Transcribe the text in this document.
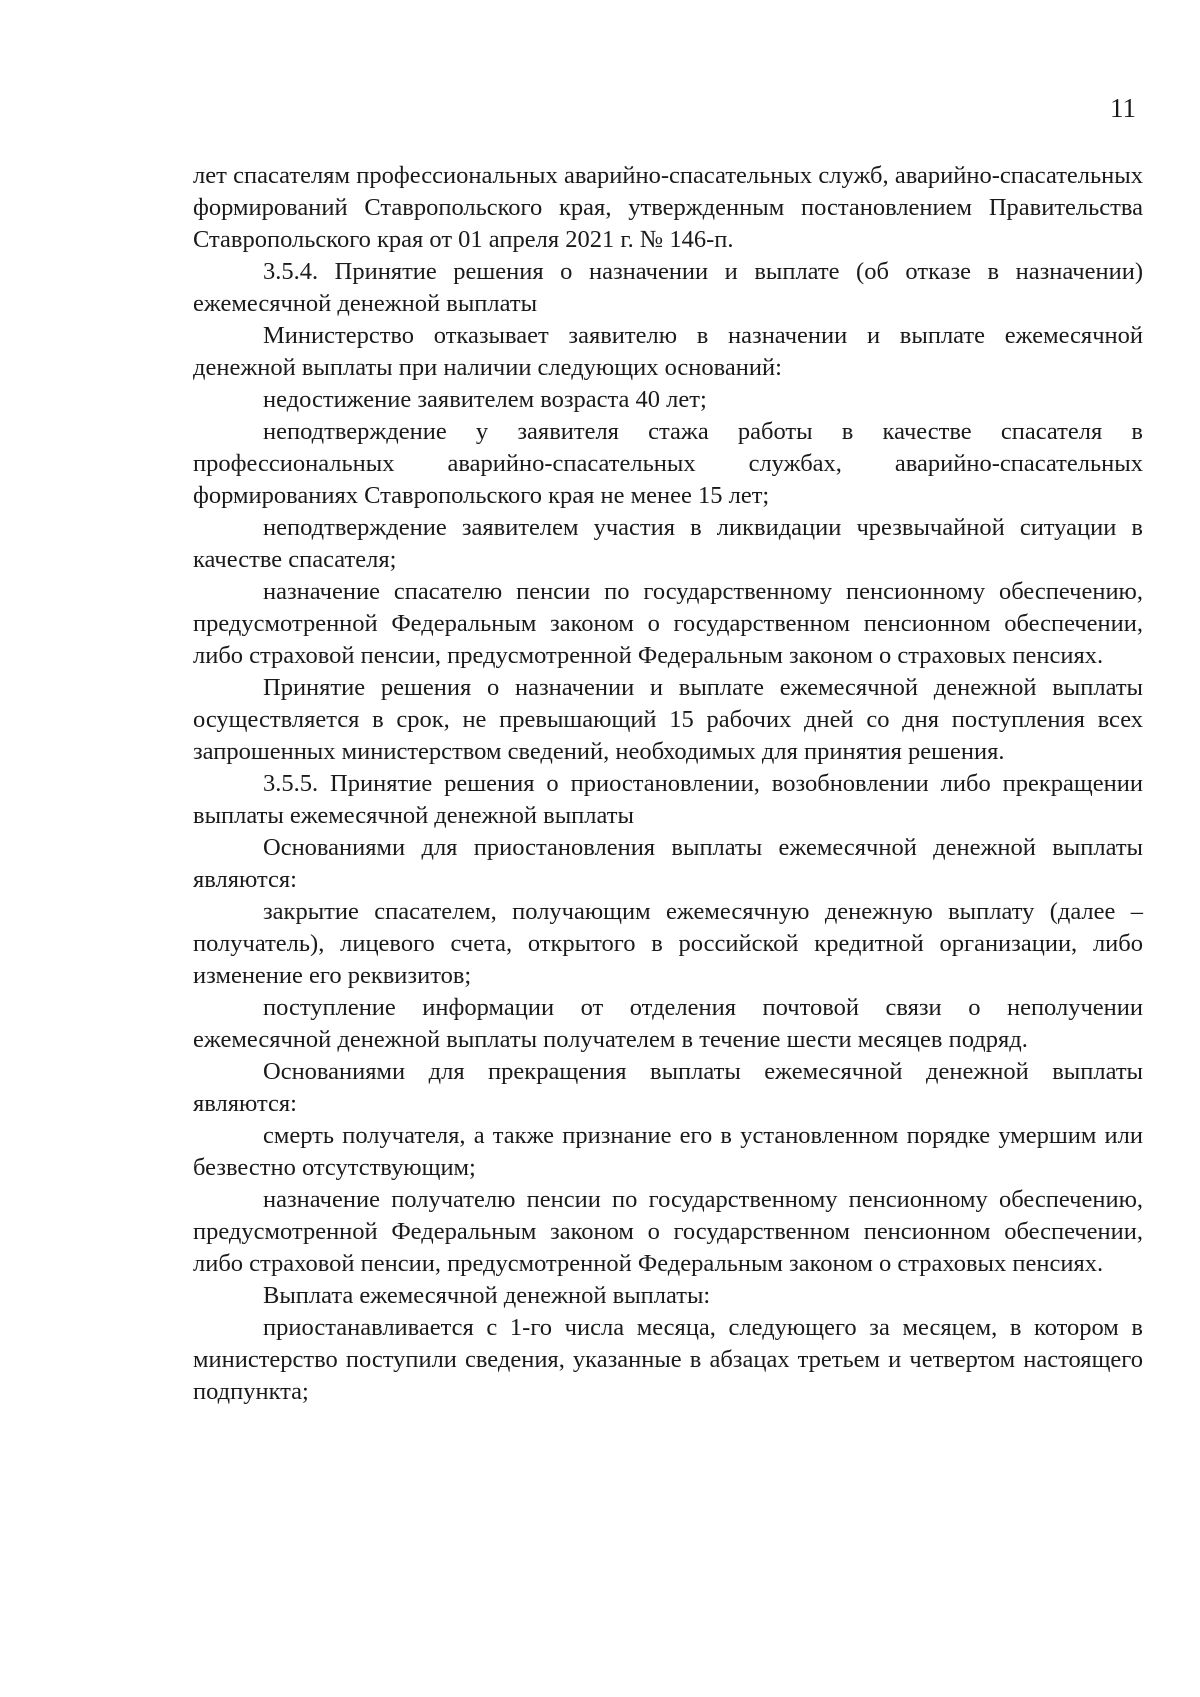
11

лет спасателям профессиональных аварийно-спасательных служб, аварийно-спасательных формирований Ставропольского края, утвержденным постановлением Правительства Ставропольского края от 01 апреля 2021 г. № 146-п.

3.5.4. Принятие решения о назначении и выплате (об отказе в назначении) ежемесячной денежной выплаты

Министерство отказывает заявителю в назначении и выплате ежемесячной денежной выплаты при наличии следующих оснований:

недостижение заявителем возраста 40 лет;

неподтверждение у заявителя стажа работы в качестве спасателя в профессиональных аварийно-спасательных службах, аварийно-спасательных формированиях Ставропольского края не менее 15 лет;

неподтверждение заявителем участия в ликвидации чрезвычайной ситуации в качестве спасателя;

назначение спасателю пенсии по государственному пенсионному обеспечению, предусмотренной Федеральным законом о государственном пенсионном обеспечении, либо страховой пенсии, предусмотренной Федеральным законом о страховых пенсиях.

Принятие решения о назначении и выплате ежемесячной денежной выплаты осуществляется в срок, не превышающий 15 рабочих дней со дня поступления всех запрошенных министерством сведений, необходимых для принятия решения.

3.5.5. Принятие решения о приостановлении, возобновлении либо прекращении выплаты ежемесячной денежной выплаты

Основаниями для приостановления выплаты ежемесячной денежной выплаты являются:

закрытие спасателем, получающим ежемесячную денежную выплату (далее – получатель), лицевого счета, открытого в российской кредитной организации, либо изменение его реквизитов;

поступление информации от отделения почтовой связи о неполучении ежемесячной денежной выплаты получателем в течение шести месяцев подряд.

Основаниями для прекращения выплаты ежемесячной денежной выплаты являются:

смерть получателя, а также признание его в установленном порядке умершим или безвестно отсутствующим;

назначение получателю пенсии по государственному пенсионному обеспечению, предусмотренной Федеральным законом о государственном пенсионном обеспечении, либо страховой пенсии, предусмотренной Федеральным законом о страховых пенсиях.

Выплата ежемесячной денежной выплаты:

приостанавливается с 1-го числа месяца, следующего за месяцем, в котором в министерство поступили сведения, указанные в абзацах третьем и четвертом настоящего подпункта;
